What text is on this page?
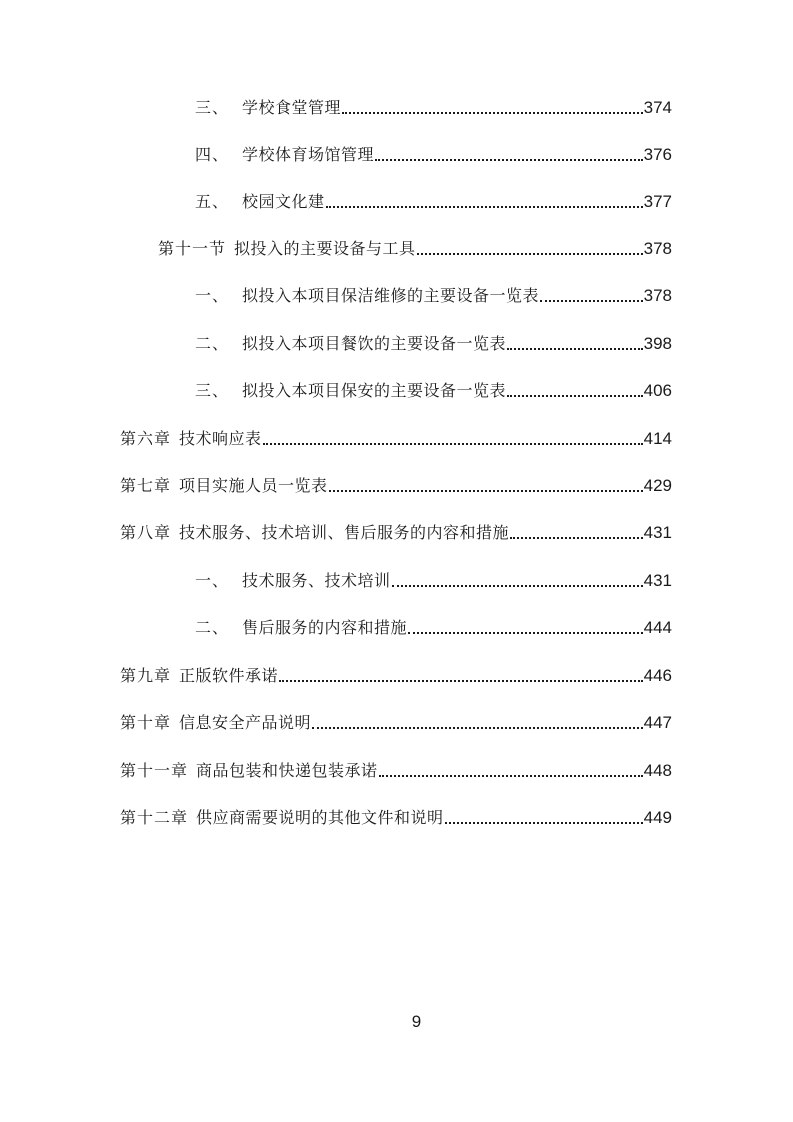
三、 学校食堂管理	374
四、 学校体育场馆管理	376
五、 校园文化建	377
第十一节 拟投入的主要设备与工具	378
一、 拟投入本项目保洁维修的主要设备一览表	378
二、 拟投入本项目餐饮的主要设备一览表	398
三、 拟投入本项目保安的主要设备一览表	406
第六章 技术响应表	414
第七章 项目实施人员一览表	429
第八章 技术服务、技术培训、售后服务的内容和措施	431
一、 技术服务、技术培训	431
二、 售后服务的内容和措施	444
第九章 正版软件承诺	446
第十章 信息安全产品说明	447
第十一章 商品包装和快递包装承诺	448
第十二章 供应商需要说明的其他文件和说明	449
9
